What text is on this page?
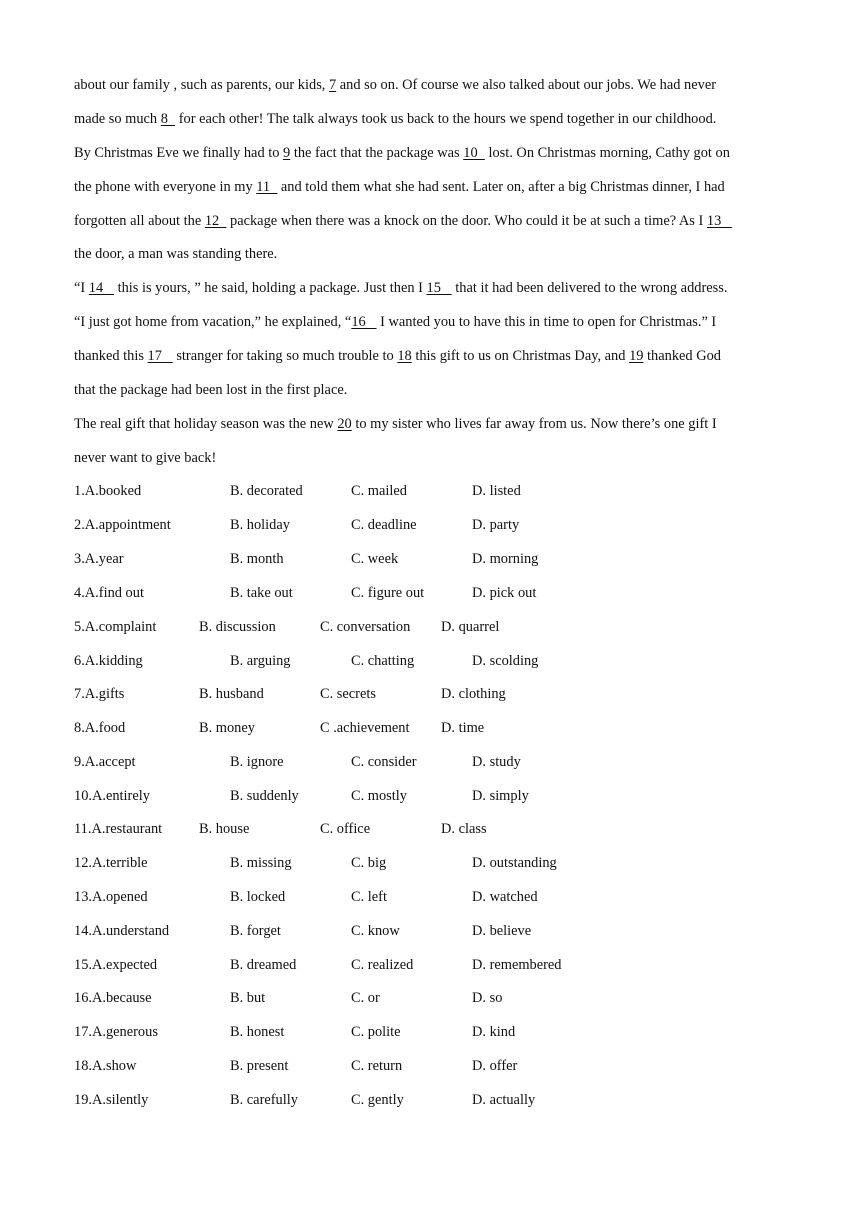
about our family , such as parents, our kids, 7 and so on. Of course we also talked about our jobs. We had never
made so much 8   for each other! The talk always took us back to the hours we spend together in our childhood.
By Christmas Eve we finally had to 9 the fact that the package was 10   lost. On Christmas morning, Cathy got on
the phone with everyone in my 11   and told them what she had sent. Later on, after a big Christmas dinner, I had
forgotten all about the 12   package when there was a knock on the door. Who could it be at such a time? As I 13
the door, a man was standing there.
“I 14    this is yours, ” he said, holding a package. Just then I 15    that it had been delivered to the wrong address.
“I just got home from vacation,” he explained, “16    I wanted you to have this in time to open for Christmas.” I
thanked this 17    stranger for taking so much trouble to 18 this gift to us on Christmas Day, and 19 thanked God
that the package had been lost in the first place.
The real gift that holiday season was the new 20 to my sister who lives far away from us. Now there’s one gift I
never want to give back!
1.A.booked	B. decorated	C. mailed	D. listed
2.A.appointment	B. holiday	C. deadline	D. party
3.A.year	B. month	C. week	D. morning
4.A.find out	B. take out	C. figure out	D. pick out
5.A.complaint	B. discussion	C. conversation D. quarrel
6.A.kidding	B. arguing	C. chatting	D. scolding
7.A.gifts	B. husband	C. secrets	D. clothing
8.A.food	B. money	C .achievement D. time
9.A.accept	B. ignore	C. consider	D. study
10.A.entirely	B. suddenly	C. mostly	D. simply
11.A.restaurant	B. house	C. office	D. class
12.A.terrible	B. missing	C. big	D. outstanding
13.A.opened	B. locked	C. left	D. watched
14.A.understand	B. forget	C. know	D. believe
15.A.expected	B. dreamed	C. realized	D. remembered
16.A.because	B. but	C. or	D. so
17.A.generous	B. honest	C. polite	D. kind
18.A.show	B. present	C. return	D. offer
19.A.silently	B. carefully	C. gently	D. actually
